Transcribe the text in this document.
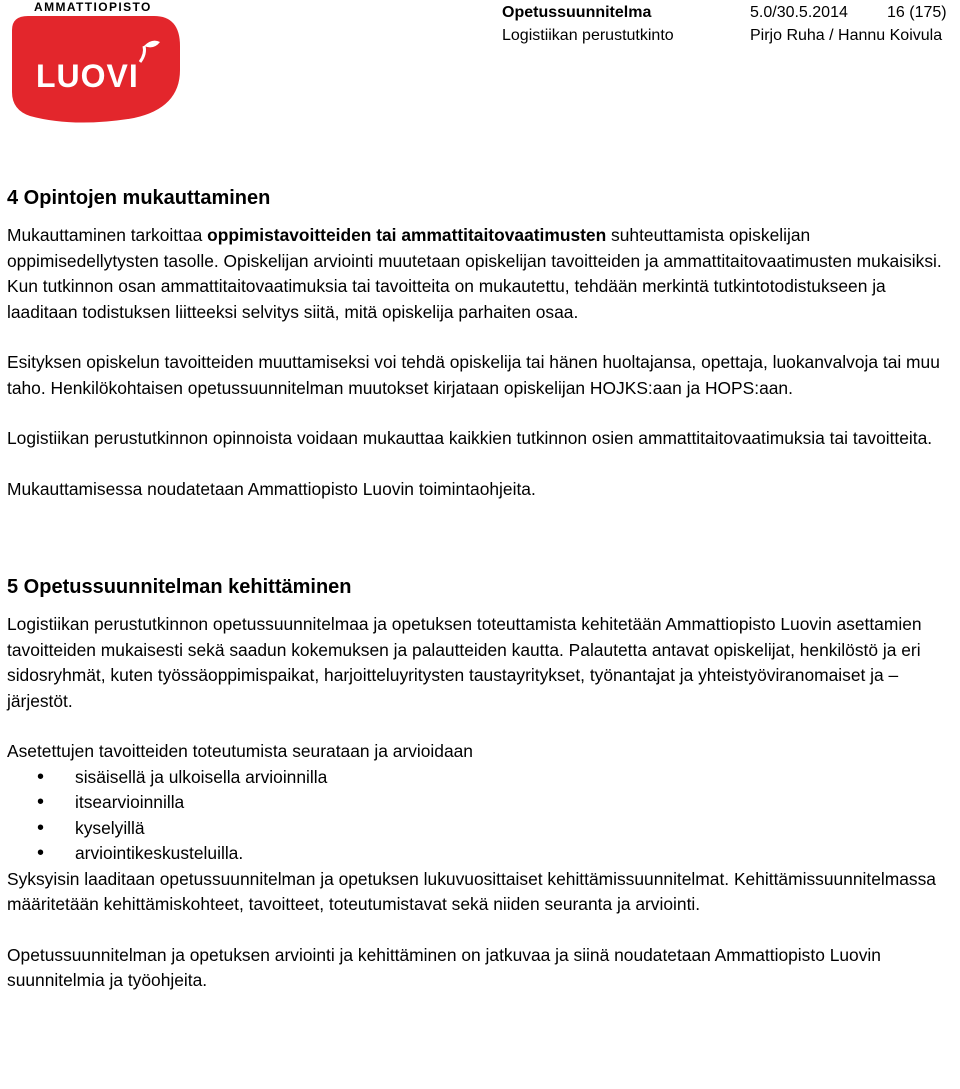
AMMATTIOPISTO
LUOVI
Opetussuunnitelma
Logistiikan perustutkinto
5.0/30.5.2014 16 (175)
Pirjo Ruha / Hannu Koivula
4 Opintojen mukauttaminen

Mukauttaminen tarkoittaa oppimistavoitteiden tai ammattitaitovaatimusten suhteuttamista opiskelijan oppimisedellytysten tasolle. Opiskelijan arviointi muutetaan opiskelijan tavoitteiden ja ammattitaitovaatimusten mukaisiksi. Kun tutkinnon osan ammattitaitovaatimuksia tai tavoitteita on mukautettu, tehdään merkintä tutkintotodistukseen ja laaditaan todistuksen liitteeksi selvitys siitä, mitä opiskelija parhaiten osaa.

Esityksen opiskelun tavoitteiden muuttamiseksi voi tehdä opiskelija tai hänen huoltajansa, opettaja, luokanvalvoja tai muu taho. Henkilökohtaisen opetussuunnitelman muutokset kirjataan opiskelijan HOJKS:aan ja HOPS:aan.

Logistiikan perustutkinnon opinnoista voidaan mukauttaa kaikkien tutkinnon osien ammattitaitovaatimuksia tai tavoitteita.

Mukauttamisessa noudatetaan Ammattiopisto Luovin toimintaohjeita.

5 Opetussuunnitelman kehittäminen

Logistiikan perustutkinnon opetussuunnitelmaa ja opetuksen toteuttamista kehitetään Ammattiopisto Luovin asettamien tavoitteiden mukaisesti sekä saadun kokemuksen ja palautteiden kautta. Palautetta antavat opiskelijat, henkilöstö ja eri sidosryhmät, kuten työssäoppimispaikat, harjoitteluyritysten taustayritykset, työnantajat ja yhteistyöviranomaiset ja –järjestöt.

Asetettujen tavoitteiden toteutumista seurataan ja arvioidaan

• sisäisellä ja ulkoisella arvioinnilla
• itsearvioinnilla
• kyselyillä
• arviointikeskusteluilla.

Syksyisin laaditaan opetussuunnitelman ja opetuksen lukuvuosittaiset kehittämissuunnitelmat. Kehittämissuunnitelmassa määritetään kehittämiskohteet, tavoitteet, toteutumistavat sekä niiden seuranta ja arviointi.

Opetussuunnitelman ja opetuksen arviointi ja kehittäminen on jatkuvaa ja siinä noudatetaan Ammattiopisto Luovin suunnitelmia ja työohjeita.
